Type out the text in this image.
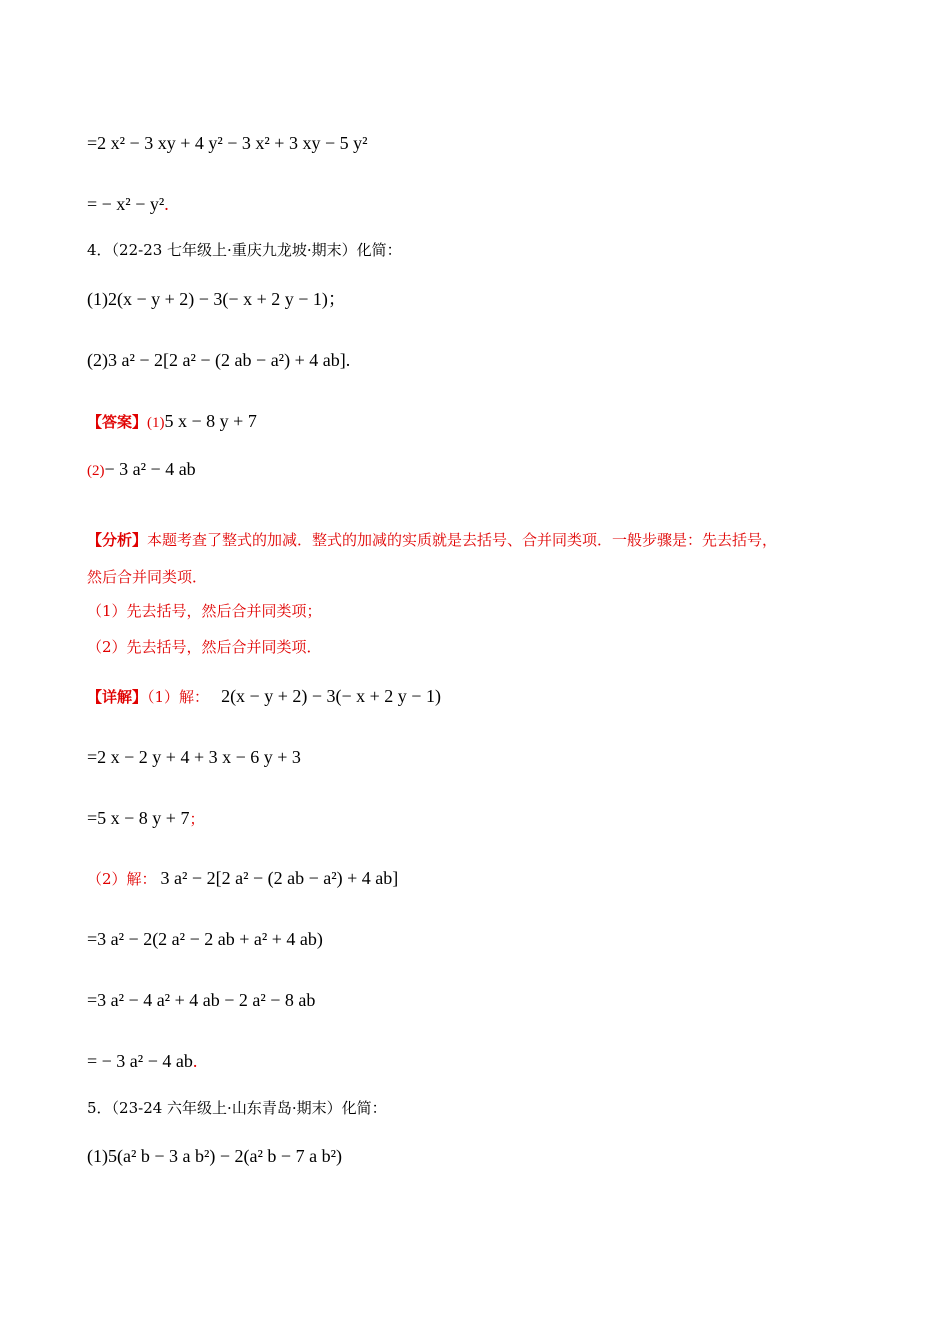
=2 x² − 3 xy + 4 y² − 3 x² + 3 xy − 5 y²
= − x² − y².
4．（22-23 七年级上·重庆九龙坡·期末）化简：
(1)2(x − y + 2) − 3(− x + 2 y − 1)；
(2)3 a² − 2[2 a² − (2 ab − a²) + 4 ab].
【答案】(1)5 x − 8 y + 7
(2)− 3 a² − 4 ab
【分析】本题考查了整式的加减．整式的加减的实质就是去括号、合并同类项．一般步骤是：先去括号，
然后合并同类项．
（1）先去括号，然后合并同类项；
（2）先去括号，然后合并同类项．
【详解】（1）解： 2(x − y + 2) − 3(− x + 2 y − 1)
=2 x − 2 y + 4 + 3 x − 6 y + 3
=5 x − 8 y + 7；
（2）解： 3 a² − 2[2 a² − (2 ab − a²) + 4 ab]
=3 a² − 2(2 a² − 2 ab + a² + 4 ab)
=3 a² − 4 a² + 4 ab − 2 a² − 8 ab
= − 3 a² − 4 ab.
5．（23-24 六年级上·山东青岛·期末）化简：
(1)5(a² b − 3 a b²) − 2(a² b − 7 a b²)
